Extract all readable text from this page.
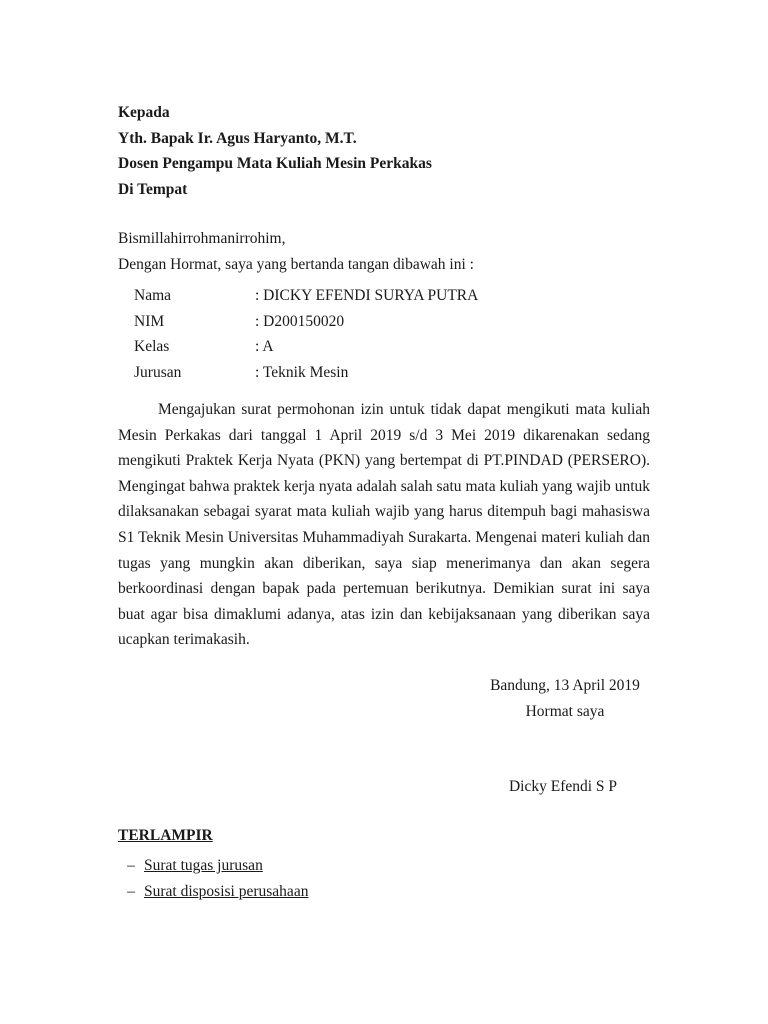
Kepada
Yth. Bapak Ir. Agus Haryanto, M.T.
Dosen Pengampu Mata Kuliah Mesin Perkakas
Di Tempat
Bismillahirrohmanirrohim,
Dengan Hormat, saya yang bertanda tangan dibawah ini :
Nama	: DICKY EFENDI SURYA PUTRA
NIM	: D200150020
Kelas	: A
Jurusan	: Teknik Mesin

Mengajukan surat permohonan izin untuk tidak dapat mengikuti mata kuliah Mesin Perkakas dari tanggal 1 April 2019 s/d 3 Mei 2019 dikarenakan sedang mengikuti Praktek Kerja Nyata (PKN) yang bertempat di PT.PINDAD (PERSERO). Mengingat bahwa praktek kerja nyata adalah salah satu mata kuliah yang wajib untuk dilaksanakan sebagai syarat mata kuliah wajib yang harus ditempuh bagi mahasiswa S1 Teknik Mesin Universitas Muhammadiyah Surakarta. Mengenai materi kuliah dan tugas yang mungkin akan diberikan, saya siap menerimanya dan akan segera berkoordinasi dengan bapak pada pertemuan berikutnya. Demikian surat ini saya buat agar bisa dimaklumi adanya, atas izin dan kebijaksanaan yang diberikan saya ucapkan terimakasih.

Bandung, 13 April 2019
Hormat saya
Dicky Efendi S P
TERLAMPIR
– Surat tugas jurusan
– Surat disposisi perusahaan
